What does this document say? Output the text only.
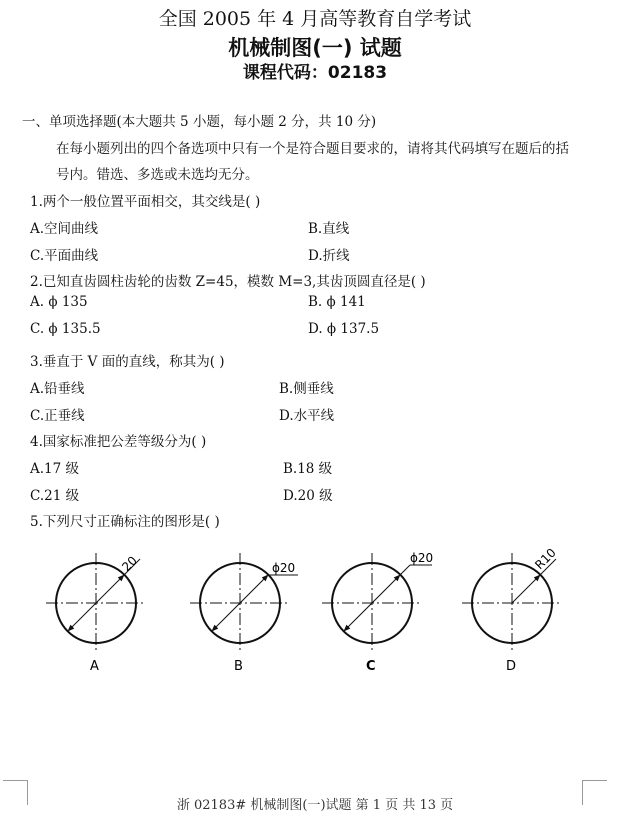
全国 2005 年 4 月高等教育自学考试
机械制图(一) 试题
课程代码：02183
一、单项选择题(本大题共 5 小题，每小题 2 分，共 10 分)
在每小题列出的四个备选项中只有一个是符合题目要求的，请将其代码填写在题后的括
号内。错选、多选或未选均无分。
1.两个一般位置平面相交，其交线是( )
A.空间曲线	B.直线
C.平面曲线	D.折线
2.已知直齿圆柱齿轮的齿数 Z=45，模数 M=3,其齿顶圆直径是( )
A. ϕ 135	B. ϕ 141
C. ϕ 135.5	D. ϕ 137.5
3.垂直于 V 面的直线，称其为( )
A.铅垂线	B.侧垂线
C.正垂线	D.水平线
4.国家标准把公差等级分为( )
A.17 级	B.18 级
C.21 级	D.20 级
5.下列尺寸正确标注的图形是( )
20
A
ϕ20
B
ϕ20
C
R10
D
浙 02183# 机械制图(一)试题 第 1 页 共 13 页
